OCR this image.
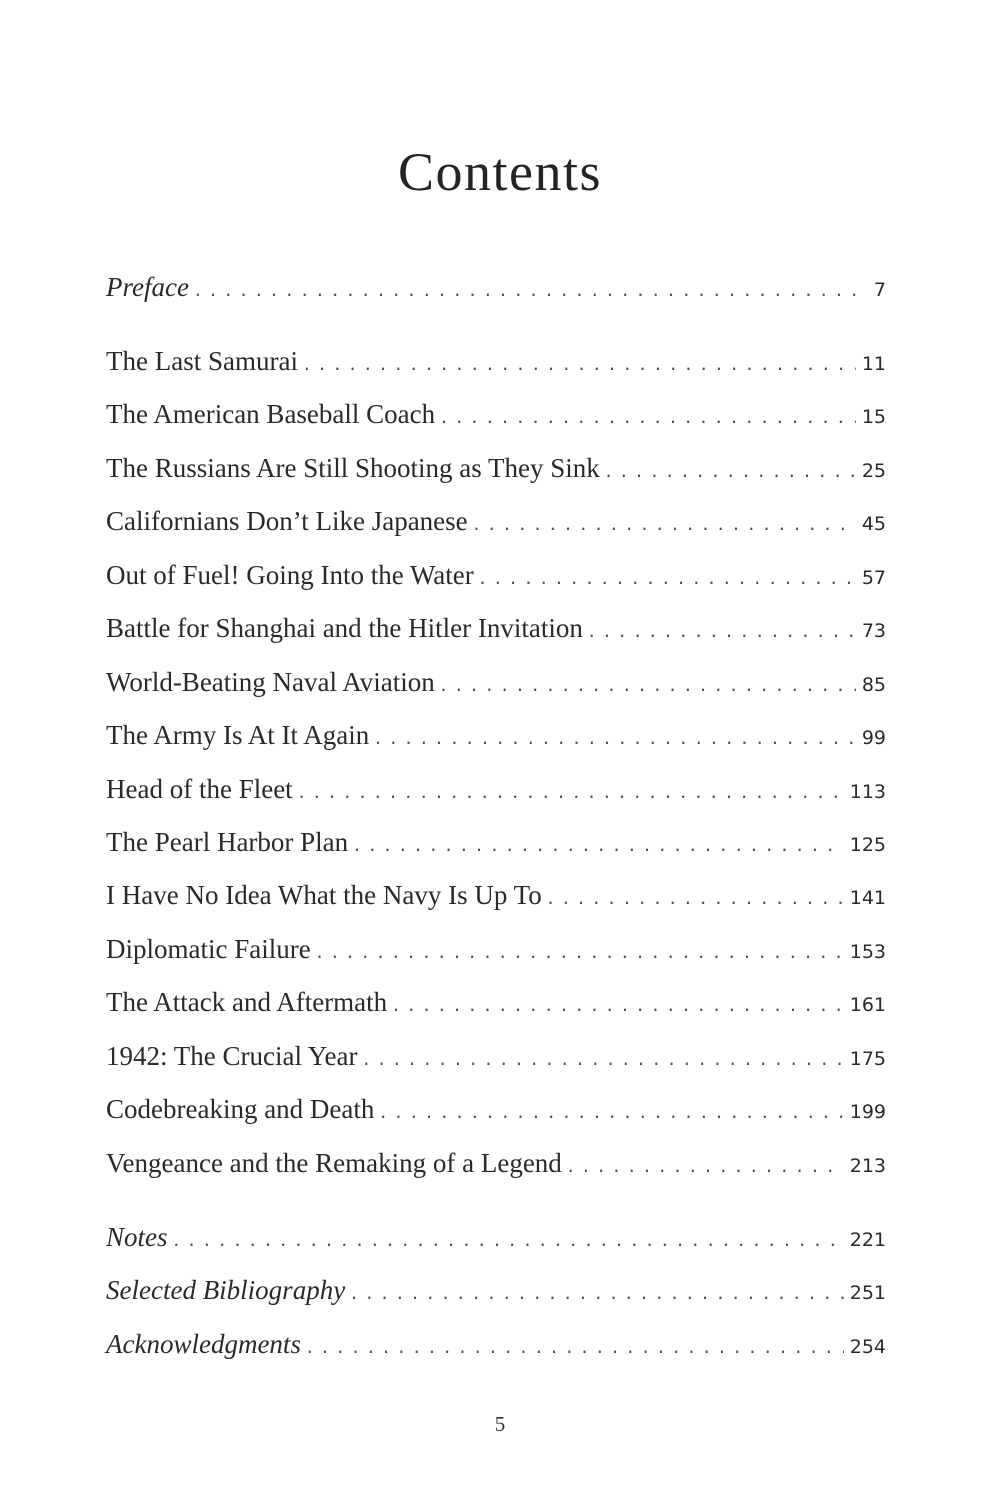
Contents
Preface . . .	7
The Last Samurai . . .	11
The American Baseball Coach . . .	15
The Russians Are Still Shooting as They Sink . . .	25
Californians Don’t Like Japanese . . .	45
Out of Fuel! Going Into the Water . . .	57
Battle for Shanghai and the Hitler Invitation . . .	73
World-Beating Naval Aviation . . .	85
The Army Is At It Again . . .	99
Head of the Fleet . . .	113
The Pearl Harbor Plan . . .	125
I Have No Idea What the Navy Is Up To . . .	141
Diplomatic Failure . . .	153
The Attack and Aftermath . . .	161
1942: The Crucial Year . . .	175
Codebreaking and Death . . .	199
Vengeance and the Remaking of a Legend . . .	213
Notes . . .	221
Selected Bibliography . . .	251
Acknowledgments . . .	254
5
